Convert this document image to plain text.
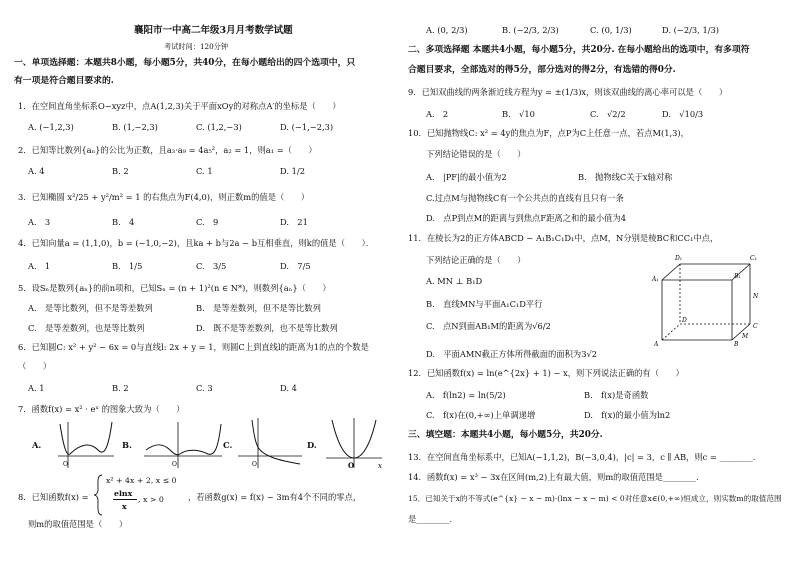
襄阳市一中高二年级3月月考数学试题
考试时间：120分钟
一、单项选择题：本题共8小题，每小题5分，共40分，在每小题给出的四个选项中，只
有一项是符合题目要求的.
1．在空间直角坐标系O−xyz中，点A(1,2,3)关于平面xOy的对称点A′的坐标是（　　）
A. (−1,2,3)	B. (1,−2,3)	C. (1,2,−3)	D. (−1,−2,3)
2．已知等比数列{aₙ}的公比为正数，且a₃·a₉ = 4a₅²，a₂ = 1，则a₁ =（　　）
A. 4	B. 2	C. 1	D. 1/2
3．已知椭圆 x²/25 + y²/m² = 1 的右焦点为F(4,0)，则正数m的值是（　　）
A.　3	B.　4	C.　9	D.　21
4．已知向量a = (1,1,0)，b = (−1,0,−2)，且ka + b与2a − b互相垂直，则k的值是（　　）．
A.　1	B.　1/5	C.　3/5	D.　7/5
5．设Sₙ是数列{aₙ}的前n项和，已知Sₙ = (n + 1)²(n ∈ N*)，则数列{aₙ}（　　）
A.　是等比数列，但不是等差数列	B.　是等差数列，但不是等比数列
C.　是等差数列，也是等比数列	D.　既不是等差数列，也不是等比数列
6．已知圆C: x² + y² − 6x = 0与直线l: 2x + y = 1，则圆C上到直线l的距离为1的点的个数是
（　　）
A. 1	B. 2	C. 3	D. 4
7．函数f(x) = x² · eˣ 的图象大致为（　　）
A.
O
B.
O
C.
O
D.
O	x
8．已知函数f(x) =
x² + 4x + 2, x ≤ 0
elnx
x
, x > 0	，若函数g(x) = f(x) − 3m有4个不同的零点，
则m的取值范围是（　　）
A. (0, 2/3)	B. (−2/3, 2/3)	C. (0, 1/3)	D. (−2/3, 1/3)
二、多项选择题 本题共4小题，每小题5分，共20分. 在每小题给出的选项中，有多项符
合题目要求，全部选对的得5分，部分选对的得2分，有选错的得0分.
9．已知双曲线的两条渐近线方程为y = ±(1/3)x，则该双曲线的离心率可以是（　　）
A.　2	B.　√10	C.　√2/2	D.　√10/3
10．已知抛物线C: x² = 4y的焦点为F，点P为C上任意一点，若点M(1,3)，
下列结论错误的是（　　）
A.　|PF|的最小值为2	B.　抛物线C关于x轴对称
C.过点M与抛物线C有一个公共点的直线有且只有一条
D.　点P到点M的距离与到焦点F距离之和的最小值为4
11．在棱长为2的正方体ABCD − A₁B₁C₁D₁中，点M，N分别是棱BC和CC₁中点，
下列结论正确的是（　　）
A. MN ⊥ B₁D
B.　直线MN与平面A₁C₁D平行
C.　点N到面AB₁M的距离为√6/2
D.　平面AMN截正方体所得截面的面积为3√2
D₁	C₁
A₁	B₁
D
C
A	B
N
M
12．已知函数f(x) = ln(e^{2x} + 1) − x，则下列说法正确的有（　　）
A.　f(ln2) = ln(5/2)	B.　f(x)是奇函数
C.　f(x)在(0,+∞)上单调递增	D.　f(x)的最小值为ln2
三、填空题：本题共4小题，每小题5分，共20分.
13．在空间直角坐标系中，已知A(−1,1,2)，B(−3,0,4)，|c| = 3，c ∥ AB，则c = ________.
14．函数f(x) = x³ − 3x在区间(m,2)上有最大值，则m的取值范围是________.
15．已知关于x的不等式(e^{x} − x − m)·(lnx − x − m) < 0对任意x∈(0,+∞)恒成立，则实数m的取值范围
是________.
